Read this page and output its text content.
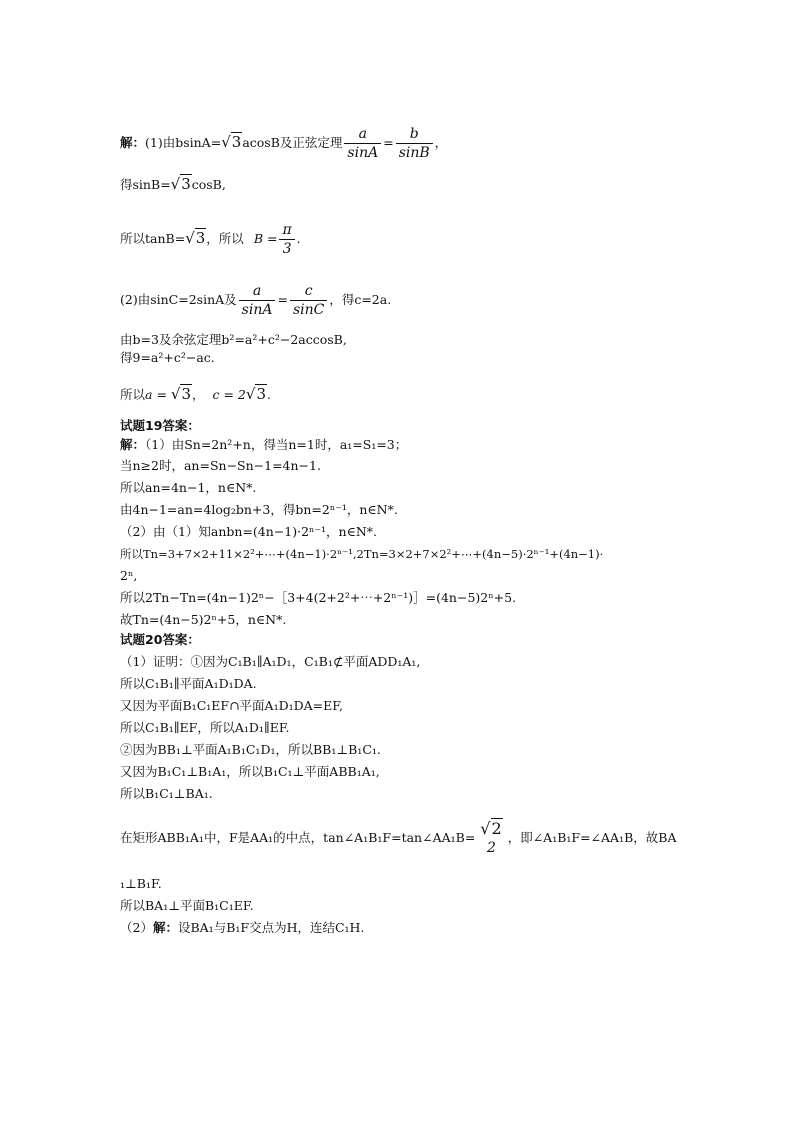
解：(1)由bsinA=√3acosB及正弦定理 $\frac{a}{\sin A} = \frac{b}{\sin B}$ ，
得sinB=√3cosB,
所以tanB=√3，所以 $B = \frac{\pi}{3}$ .
(2)由sinC=2sinA及 $\frac{a}{\sin A} = \frac{c}{\sin C}$ ，得c=2a.
由b=3及余弦定理b²=a²+c²−2accosB,
得9=a²+c²−ac.
所以a = √3， c = 2√3.
试题19答案：
解：（1）由Sn=2n²+n，得当n=1时，a₁=S₁=3；
当n≥2时，an=Sn−Sn−1=4n−1.
所以an=4n−1，n∈N*.
由4n−1=an=4log₂bn+3，得bn=2ⁿ⁻¹，n∈N*.
（2）由（1）知anbn=(4n−1)·2ⁿ⁻¹，n∈N*.
所以Tn=3+7×2+11×2²+⋯+(4n−1)·2ⁿ⁻¹,2Tn=3×2+7×2²+⋯+(4n−5)·2ⁿ⁻¹+(4n−1)·
2ⁿ,
所以2Tn−Tn=(4n−1)2ⁿ−［3+4(2+2²+⋯+2ⁿ⁻¹)］=(4n−5)2ⁿ+5.
故Tn=(4n−5)2ⁿ+5，n∈N*.
试题20答案：
（1）证明：①因为C₁B₁∥A₁D₁，C₁B₁⊄平面ADD₁A₁,
所以C₁B₁∥平面A₁D₁DA.
又因为平面B₁C₁EF∩平面A₁D₁DA=EF,
所以C₁B₁∥EF，所以A₁D₁∥EF.
②因为BB₁⊥平面A₁B₁C₁D₁，所以BB₁⊥B₁C₁.
又因为B₁C₁⊥B₁A₁，所以B₁C₁⊥平面ABB₁A₁,
所以B₁C₁⊥BA₁.
在矩形ABB₁A₁中，F是AA₁的中点，tan∠A₁B₁F=tan∠AA₁B= √2
2
，即∠A₁B₁F=∠AA₁B，故BA
₁⊥B₁F.
所以BA₁⊥平面B₁C₁EF.
（2）解：设BA₁与B₁F交点为H，连结C₁H.
